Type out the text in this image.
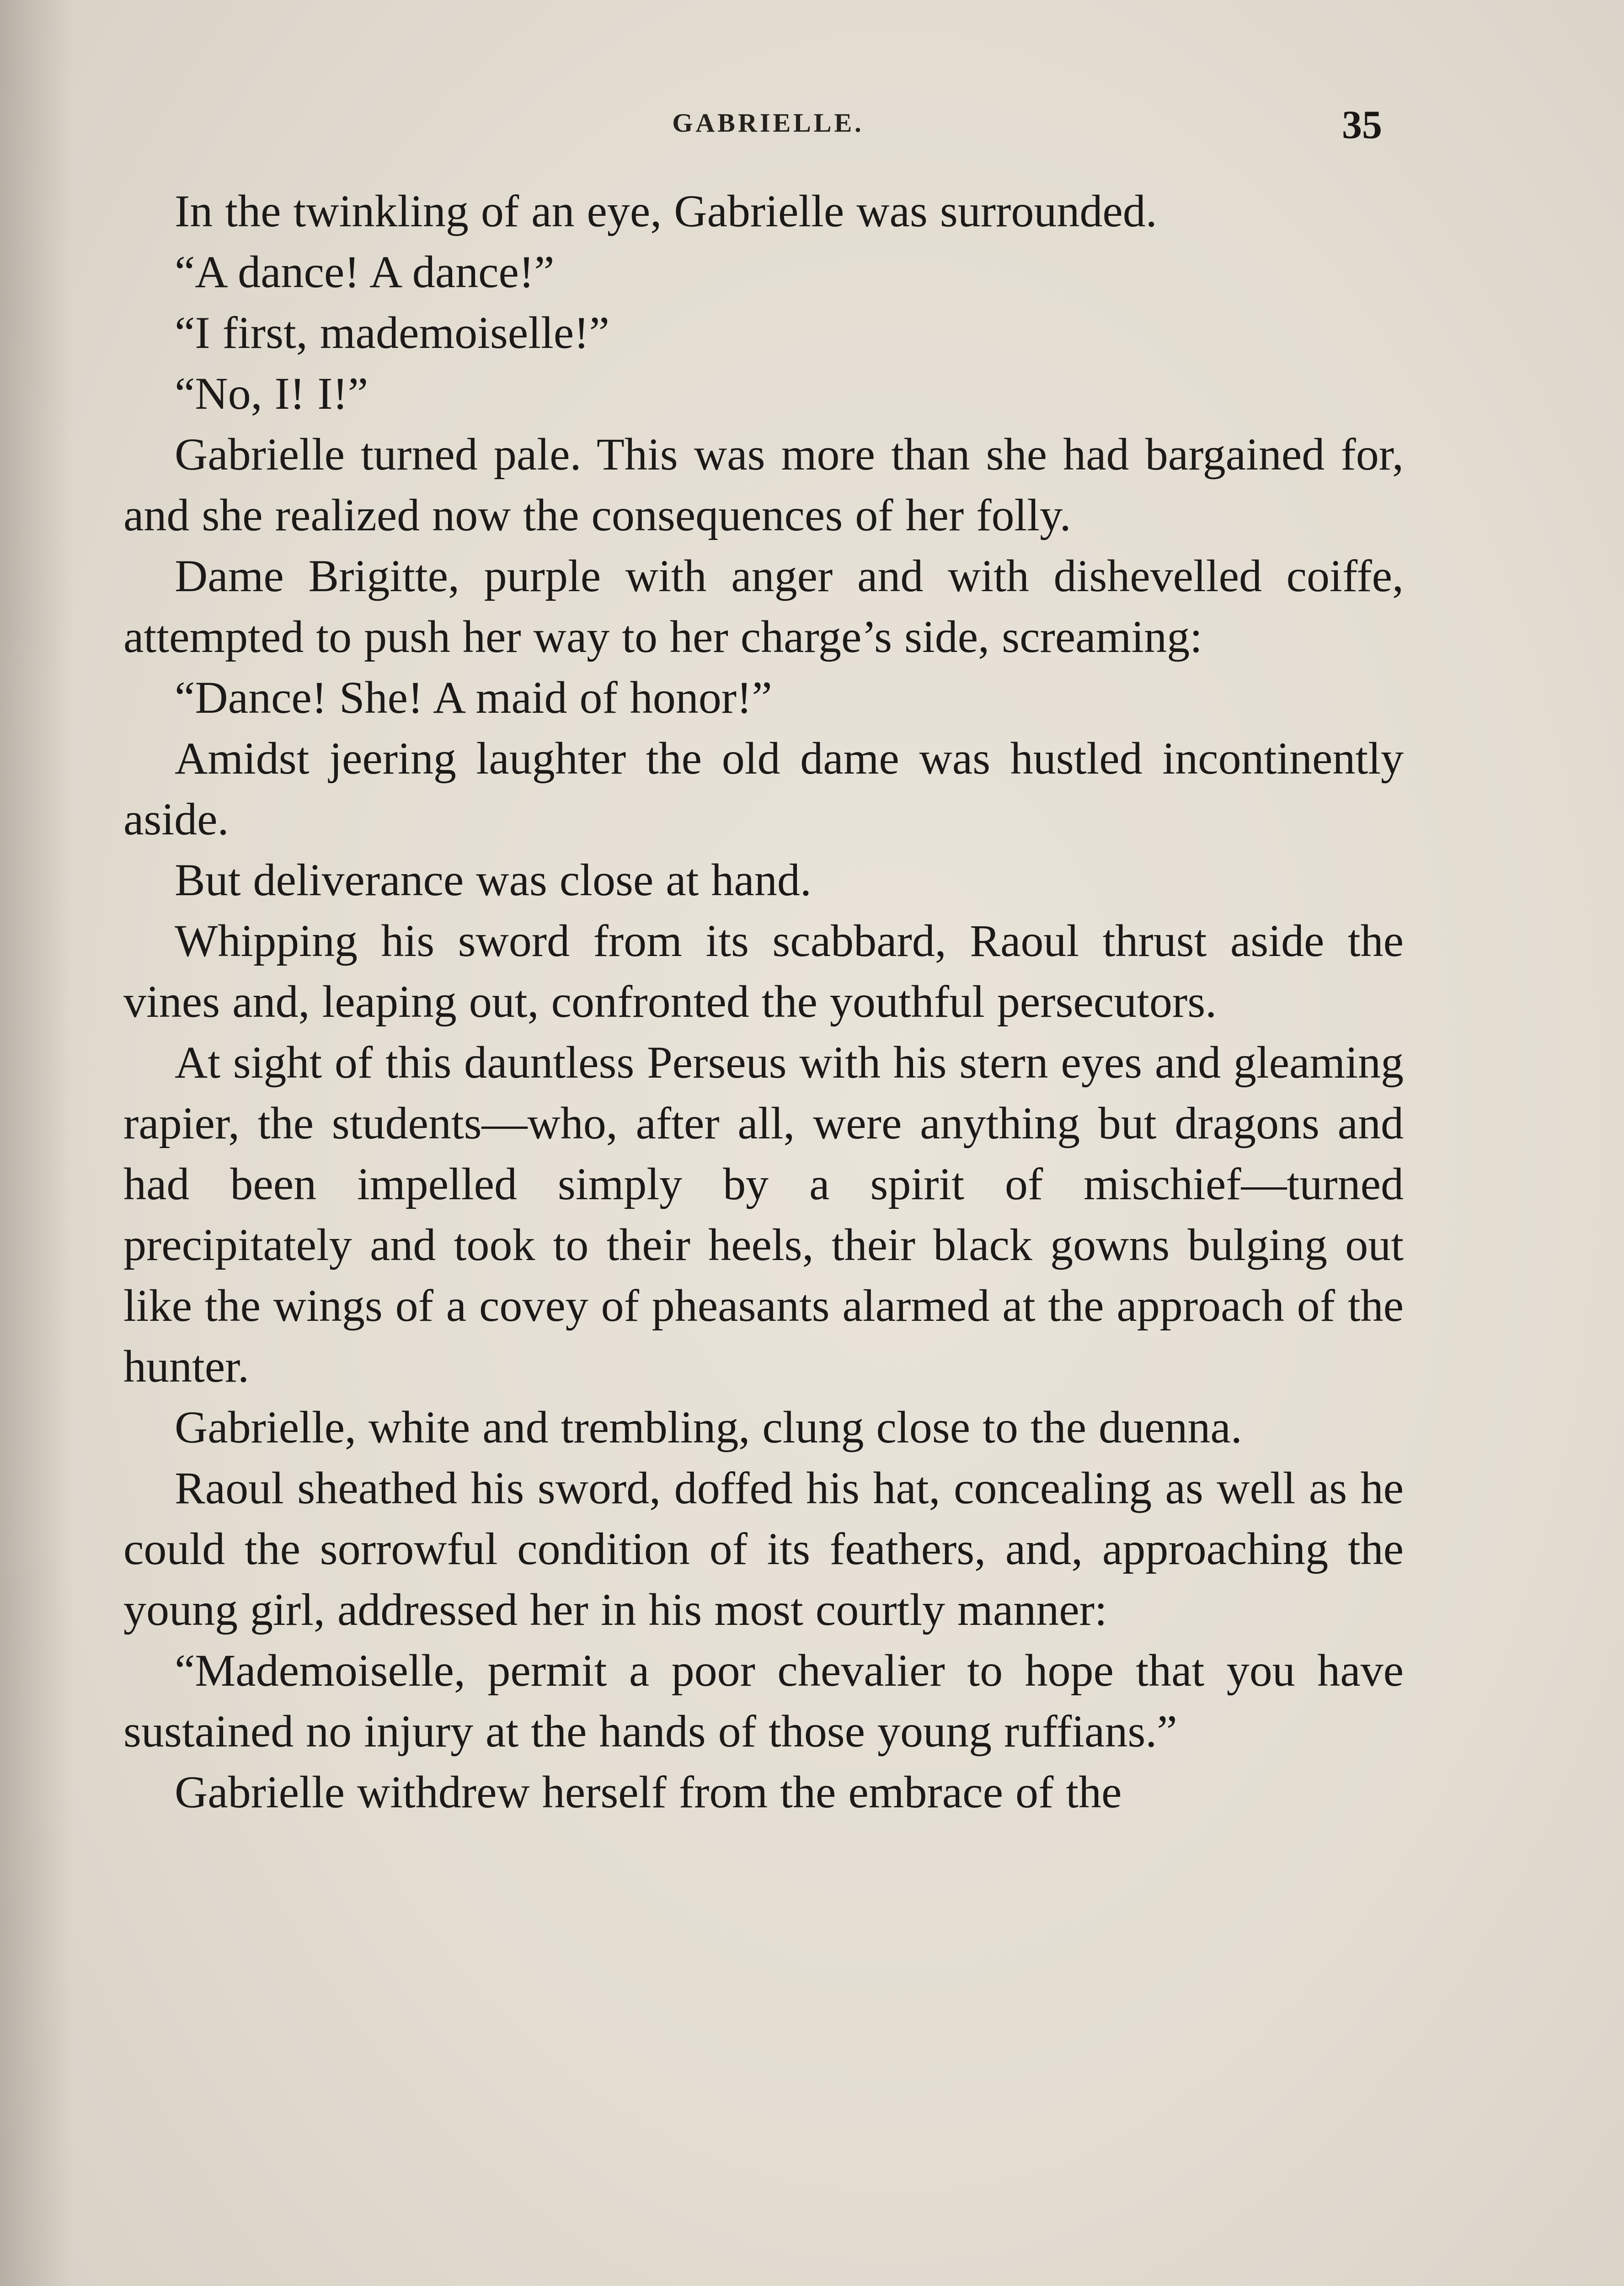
GABRIELLE.	35

In the twinkling of an eye, Gabrielle was surrounded.

“A dance! A dance!”

“I first, mademoiselle!”

“No, I! I!”

Gabrielle turned pale. This was more than she had bargained for, and she realized now the consequences of her folly.

Dame Brigitte, purple with anger and with dishevelled coiffe, attempted to push her way to her charge’s side, screaming:

“Dance! She! A maid of honor!”

Amidst jeering laughter the old dame was hustled incontinently aside.

But deliverance was close at hand.

Whipping his sword from its scabbard, Raoul thrust aside the vines and, leaping out, confronted the youthful persecutors.

At sight of this dauntless Perseus with his stern eyes and gleaming rapier, the students—who, after all, were anything but dragons and had been impelled simply by a spirit of mischief—turned precipitately and took to their heels, their black gowns bulging out like the wings of a covey of pheasants alarmed at the approach of the hunter.

Gabrielle, white and trembling, clung close to the duenna.

Raoul sheathed his sword, doffed his hat, concealing as well as he could the sorrowful condition of its feathers, and, approaching the young girl, addressed her in his most courtly manner:

“Mademoiselle, permit a poor chevalier to hope that you have sustained no injury at the hands of those young ruffians.”

Gabrielle withdrew herself from the embrace of the
